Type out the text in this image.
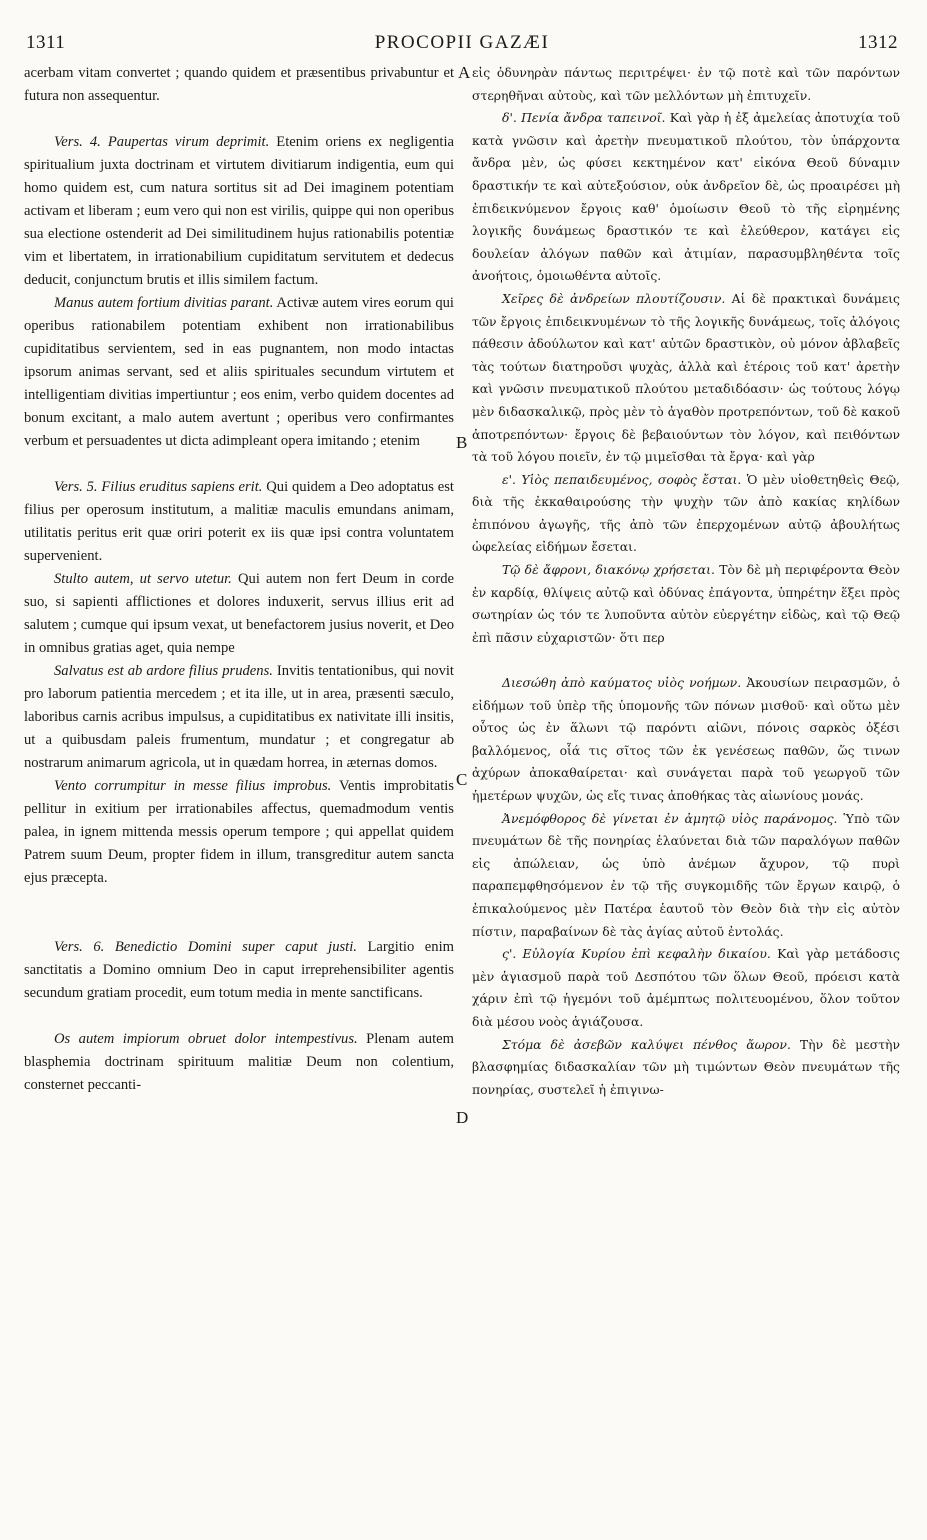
1311	PROCOPII GAZÆI	1312
A
B
C
D

acerbam vitam convertet ; quando quidem et præsentibus privabuntur et futura non assequentur.

Vers. 4. Paupertas virum deprimit. Etenim oriens ex negligentia spiritualium juxta doctrinam et virtutem divitiarum indigentia, eum qui homo quidem est, cum natura sortitus sit ad Dei imaginem potentiam activam et liberam ; eum vero qui non est virilis, quippe qui non operibus sua electione ostenderit ad Dei similitudinem hujus rationabilis potentiæ vim et libertatem, in irrationabilium cupiditatum servitutem et dedecus deducit, conjunctum brutis et illis similem factum.

Manus autem fortium divitias parant. Activæ autem vires eorum qui operibus rationabilem potentiam exhibent non irrationabilibus cupiditatibus servientem, sed in eas pugnantem, non modo intactas ipsorum animas servant, sed et aliis spirituales secundum virtutem et intelligentiam divitias impertiuntur ; eos enim, verbo quidem docentes ad bonum excitant, a malo autem avertunt ; operibus vero confirmantes verbum et persuadentes ut dicta adimpleant opera imitando ; etenim

Vers. 5. Filius eruditus sapiens erit. Qui quidem a Deo adoptatus est filius per operosum institutum, a malitiæ maculis emundans animam, utilitatis peritus erit quæ oriri poterit ex iis quæ ipsi contra voluntatem supervenient.

Stulto autem, ut servo utetur. Qui autem non fert Deum in corde suo, si sapienti afflictiones et dolores induxerit, servus illius erit ad salutem ; cumque qui ipsum vexat, ut benefactorem jusius noverit, et Deo in omnibus gratias aget, quia nempe

Salvatus est ab ardore filius prudens. Invitis tentationibus, qui novit pro laborum patientia mercedem ; et ita ille, ut in area, præsenti sæculo, laboribus carnis acribus impulsus, a cupiditatibus ex nativitate illi insitis, ut a quibusdam paleis frumentum, mundatur ; et congregatur ab nostrarum animarum agricola, ut in quædam horrea, in æternas domos.

Vento corrumpitur in messe filius improbus. Ventis improbitatis pellitur in exitium per irrationabiles affectus, quemadmodum ventis palea, in ignem mittenda messis operum tempore ; qui appellat quidem Patrem suum Deum, propter fidem in illum, transgreditur autem sancta ejus præcepta.

Vers. 6. Benedictio Domini super caput justi. Largitio enim sanctitatis a Domino omnium Deo in caput irreprehensibiliter agentis secundum gratiam procedit, eum totum media in mente sanctificans.

Os autem impiorum obruet dolor intempestivus. Plenam autem blasphemia doctrinam spirituum malitiæ Deum non colentium, consternet peccanti-

εἰς ὀδυνηρὰν πάντως περιτρέψει· ἐν τῷ ποτὲ καὶ τῶν παρόντων στερηθῆναι αὐτοὺς, καὶ τῶν μελλόντων μὴ ἐπιτυχεῖν.

δ'. Πενία ἄνδρα ταπεινοῖ. Καὶ γὰρ ἡ ἐξ ἀμελείας ἀποτυχία τοῦ κατὰ γνῶσιν καὶ ἀρετὴν πνευματικοῦ πλούτου, τὸν ὑπάρχοντα ἄνδρα μὲν, ὡς φύσει κεκτημένον κατ' εἰκόνα Θεοῦ δύναμιν δραστικήν τε καὶ αὐτεξούσιον, οὐκ ἀνδρεῖον δὲ, ὡς προαιρέσει μὴ ἐπιδεικνύμενον ἔργοις καθ' ὁμοίωσιν Θεοῦ τὸ τῆς εἰρημένης λογικῆς δυνάμεως δραστικόν τε καὶ ἐλεύθερον, κατάγει εἰς δουλείαν ἀλόγων παθῶν καὶ ἀτιμίαν, παρασυμβληθέντα τοῖς ἀνοήτοις, ὁμοιωθέντα αὐτοῖς.

Χεῖρες δὲ ἀνδρείων πλουτίζουσιν. Αἱ δὲ πρακτικαὶ δυνάμεις τῶν ἔργοις ἐπιδεικνυμένων τὸ τῆς λογικῆς δυνάμεως, τοῖς ἀλόγοις πάθεσιν ἀδούλωτον καὶ κατ' αὐτῶν δραστικὸν, οὐ μόνον ἀβλαβεῖς τὰς τούτων διατηροῦσι ψυχὰς, ἀλλὰ καὶ ἑτέροις τοῦ κατ' ἀρετὴν καὶ γνῶσιν πνευματικοῦ πλούτου μεταδιδόασιν· ὡς τούτους λόγῳ μὲν διδασκαλικῷ, πρὸς μὲν τὸ ἀγαθὸν προτρεπόντων, τοῦ δὲ κακοῦ ἀποτρεπόντων· ἔργοις δὲ βεβαιούντων τὸν λόγον, καὶ πειθόντων τὰ τοῦ λόγου ποιεῖν, ἐν τῷ μιμεῖσθαι τὰ ἔργα· καὶ γὰρ

ε'. Υἱὸς πεπαιδευμένος, σοφὸς ἔσται. Ὁ μὲν υἱοθετηθεὶς Θεῷ, διὰ τῆς ἐκκαθαιρούσης τὴν ψυχὴν τῶν ἀπὸ κακίας κηλίδων ἐπιπόνου ἀγωγῆς, τῆς ἀπὸ τῶν ἐπερχομένων αὐτῷ ἀβουλήτως ὠφελείας εἰδήμων ἔσεται.

Τῷ δὲ ἄφρονι, διακόνῳ χρήσεται. Τὸν δὲ μὴ περιφέροντα Θεὸν ἐν καρδίᾳ, θλίψεις αὐτῷ καὶ ὀδύνας ἐπάγοντα, ὑπηρέτην ἕξει πρὸς σωτηρίαν ὡς τόν τε λυποῦντα αὐτὸν εὐεργέτην εἰδὼς, καὶ τῷ Θεῷ ἐπὶ πᾶσιν εὐχαριστῶν· ὅτι περ

Διεσώθη ἀπὸ καύματος υἱὸς νοήμων. Ἀκουσίων πειρασμῶν, ὁ εἰδήμων τοῦ ὑπὲρ τῆς ὑπομονῆς τῶν πόνων μισθοῦ· καὶ οὕτω μὲν οὗτος ὡς ἐν ἅλωνι τῷ παρόντι αἰῶνι, πόνοις σαρκὸς ὀξέσι βαλλόμενος, οἷά τις σῖτος τῶν ἐκ γενέσεως παθῶν, ὥς τινων ἀχύρων ἀποκαθαίρεται· καὶ συνάγεται παρὰ τοῦ γεωργοῦ τῶν ἡμετέρων ψυχῶν, ὡς εἴς τινας ἀποθήκας τὰς αἰωνίους μονάς.

Ἀνεμόφθορος δὲ γίνεται ἐν ἀμητῷ υἱὸς παράνομος. Ὑπὸ τῶν πνευμάτων δὲ τῆς πονηρίας ἐλαύνεται διὰ τῶν παραλόγων παθῶν εἰς ἀπώλειαν, ὡς ὑπὸ ἀνέμων ἄχυρον, τῷ πυρὶ παραπεμφθησόμενον ἐν τῷ τῆς συγκομιδῆς τῶν ἔργων καιρῷ, ὁ ἐπικαλούμενος μὲν Πατέρα ἑαυτοῦ τὸν Θεὸν διὰ τὴν εἰς αὐτὸν πίστιν, παραβαίνων δὲ τὰς ἁγίας αὐτοῦ ἐντολάς.

ς'. Εὐλογία Κυρίου ἐπὶ κεφαλὴν δικαίου. Καὶ γὰρ μετάδοσις μὲν ἁγιασμοῦ παρὰ τοῦ Δεσπότου τῶν ὅλων Θεοῦ, πρόεισι κατὰ χάριν ἐπὶ τῷ ἡγεμόνι τοῦ ἀμέμπτως πολιτευομένου, ὅλον τοῦτον διὰ μέσου νοὸς ἁγιάζουσα.

Στόμα δὲ ἀσεβῶν καλύψει πένθος ἄωρον. Τὴν δὲ μεστὴν βλασφημίας διδασκαλίαν τῶν μὴ τιμώντων Θεὸν πνευμάτων τῆς πονηρίας, συστελεῖ ἡ ἐπιγινω-
